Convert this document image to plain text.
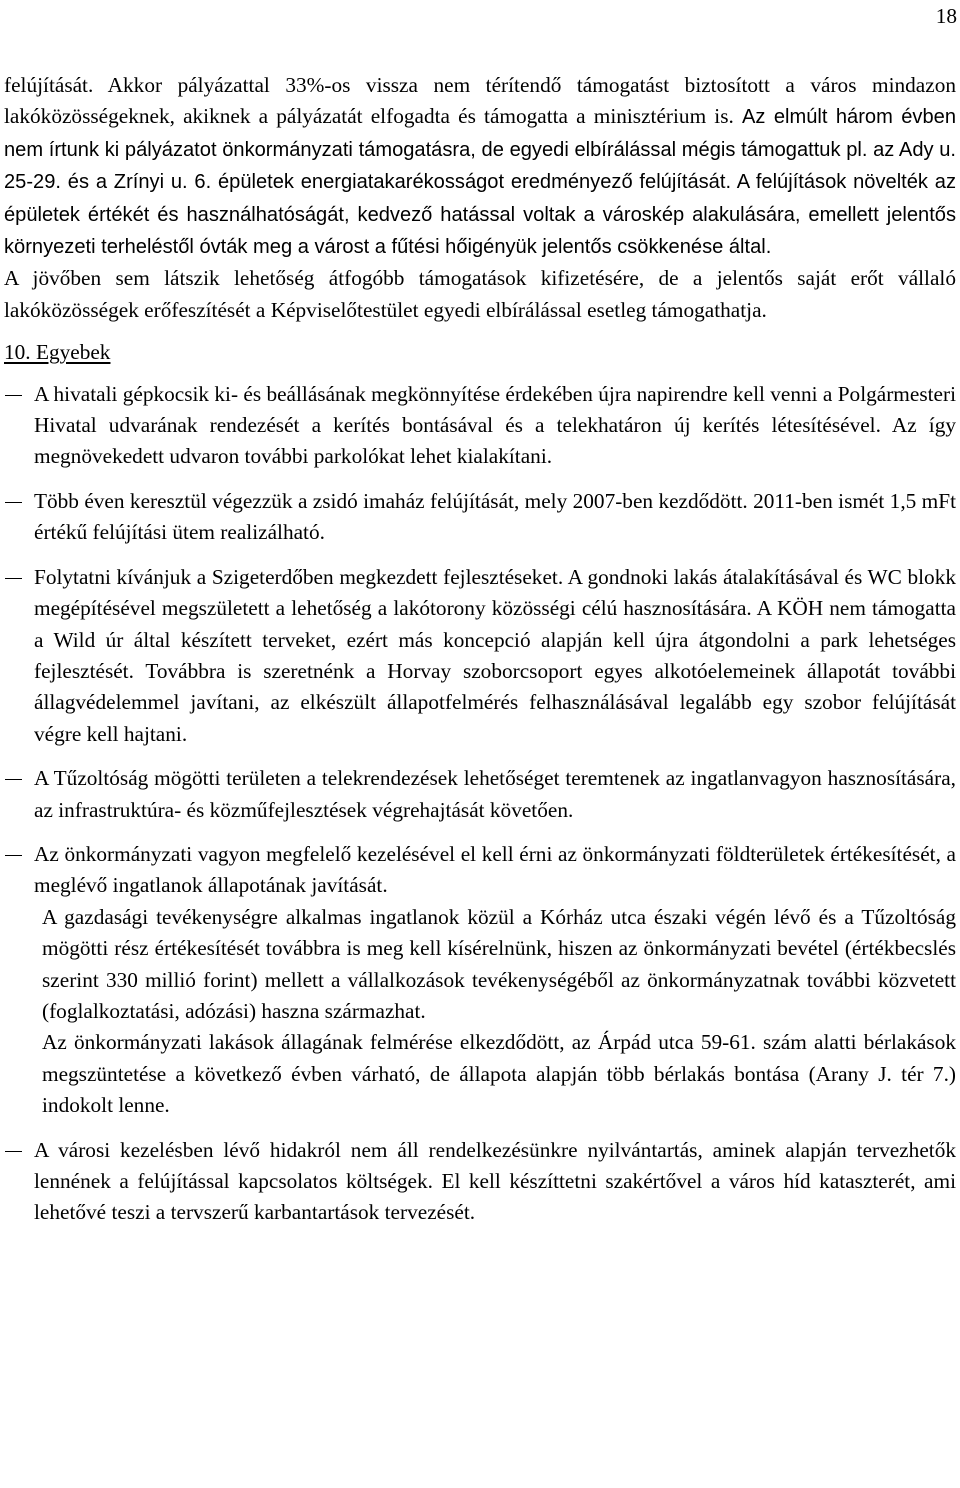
18

felújítását. Akkor pályázattal 33%-os vissza nem térítendő támogatást biztosított a város mindazon lakóközösségeknek, akiknek a pályázatát elfogadta és támogatta a minisztérium is. Az elmúlt három évben nem írtunk ki pályázatot önkormányzati támogatásra, de egyedi elbírálással mégis támogattuk pl. az Ady u. 25-29. és a Zrínyi u. 6. épületek energiatakarékosságot eredményező felújítását. A felújítások növelték az épületek értékét és használhatóságát, kedvező hatással voltak a városkép alakulására, emellett jelentős környezeti terheléstől óvták meg a várost a fűtési hőigényük jelentős csökkenése által.

A jövőben sem látszik lehetőség átfogóbb támogatások kifizetésére, de a jelentős saját erőt vállaló lakóközösségek erőfeszítését a Képviselőtestület egyedi elbírálással esetleg támogathatja.

10. Egyebek
A hivatali gépkocsik ki- és beállásának megkönnyítése érdekében újra napirendre kell venni a Polgármesteri Hivatal udvarának rendezését a kerítés bontásával és a telekhatáron új kerítés létesítésével. Az így megnövekedett udvaron további parkolókat lehet kialakítani.
Több éven keresztül végezzük a zsidó imaház felújítását, mely 2007-ben kezdődött. 2011-ben ismét 1,5 mFt értékű felújítási ütem realizálható.
Folytatni kívánjuk a Szigeterdőben megkezdett fejlesztéseket. A gondnoki lakás átalakításával és WC blokk megépítésével megszületett a lehetőség a lakótorony közösségi célú hasznosítására. A KÖH nem támogatta a Wild úr által készített terveket, ezért más koncepció alapján kell újra átgondolni a park lehetséges fejlesztését. Továbbra is szeretnénk a Horvay szoborcsoport egyes alkotóelemeinek állapotát további állagvédelemmel javítani, az elkészült állapotfelmérés felhasználásával legalább egy szobor felújítását végre kell hajtani.
A Tűzoltóság mögötti területen a telekrendezések lehetőséget teremtenek az ingatlanvagyon hasznosítására, az infrastruktúra- és közműfejlesztések végrehajtását követően.
Az önkormányzati vagyon megfelelő kezelésével el kell érni az önkormányzati földterületek értékesítését, a meglévő ingatlanok állapotának javítását.

A gazdasági tevékenységre alkalmas ingatlanok közül a Kórház utca északi végén lévő és a Tűzoltóság mögötti rész értékesítését továbbra is meg kell kísérelnünk, hiszen az önkormányzati bevétel (értékbecslés szerint 330 millió forint) mellett a vállalkozások tevékenységéből az önkormányzatnak további közvetett (foglalkoztatási, adózási) haszna származhat.

Az önkormányzati lakások állagának felmérése elkezdődött, az Árpád utca 59-61. szám alatti bérlakások megszüntetése a következő évben várható, de állapota alapján több bérlakás bontása (Arany J. tér 7.) indokolt lenne.

A városi kezelésben lévő hidakról nem áll rendelkezésünkre nyilvántartás, aminek alapján tervezhetők lennének a felújítással kapcsolatos költségek. El kell készíttetni szakértővel a város híd kataszterét, ami lehetővé teszi a tervszerű karbantartások tervezését.
